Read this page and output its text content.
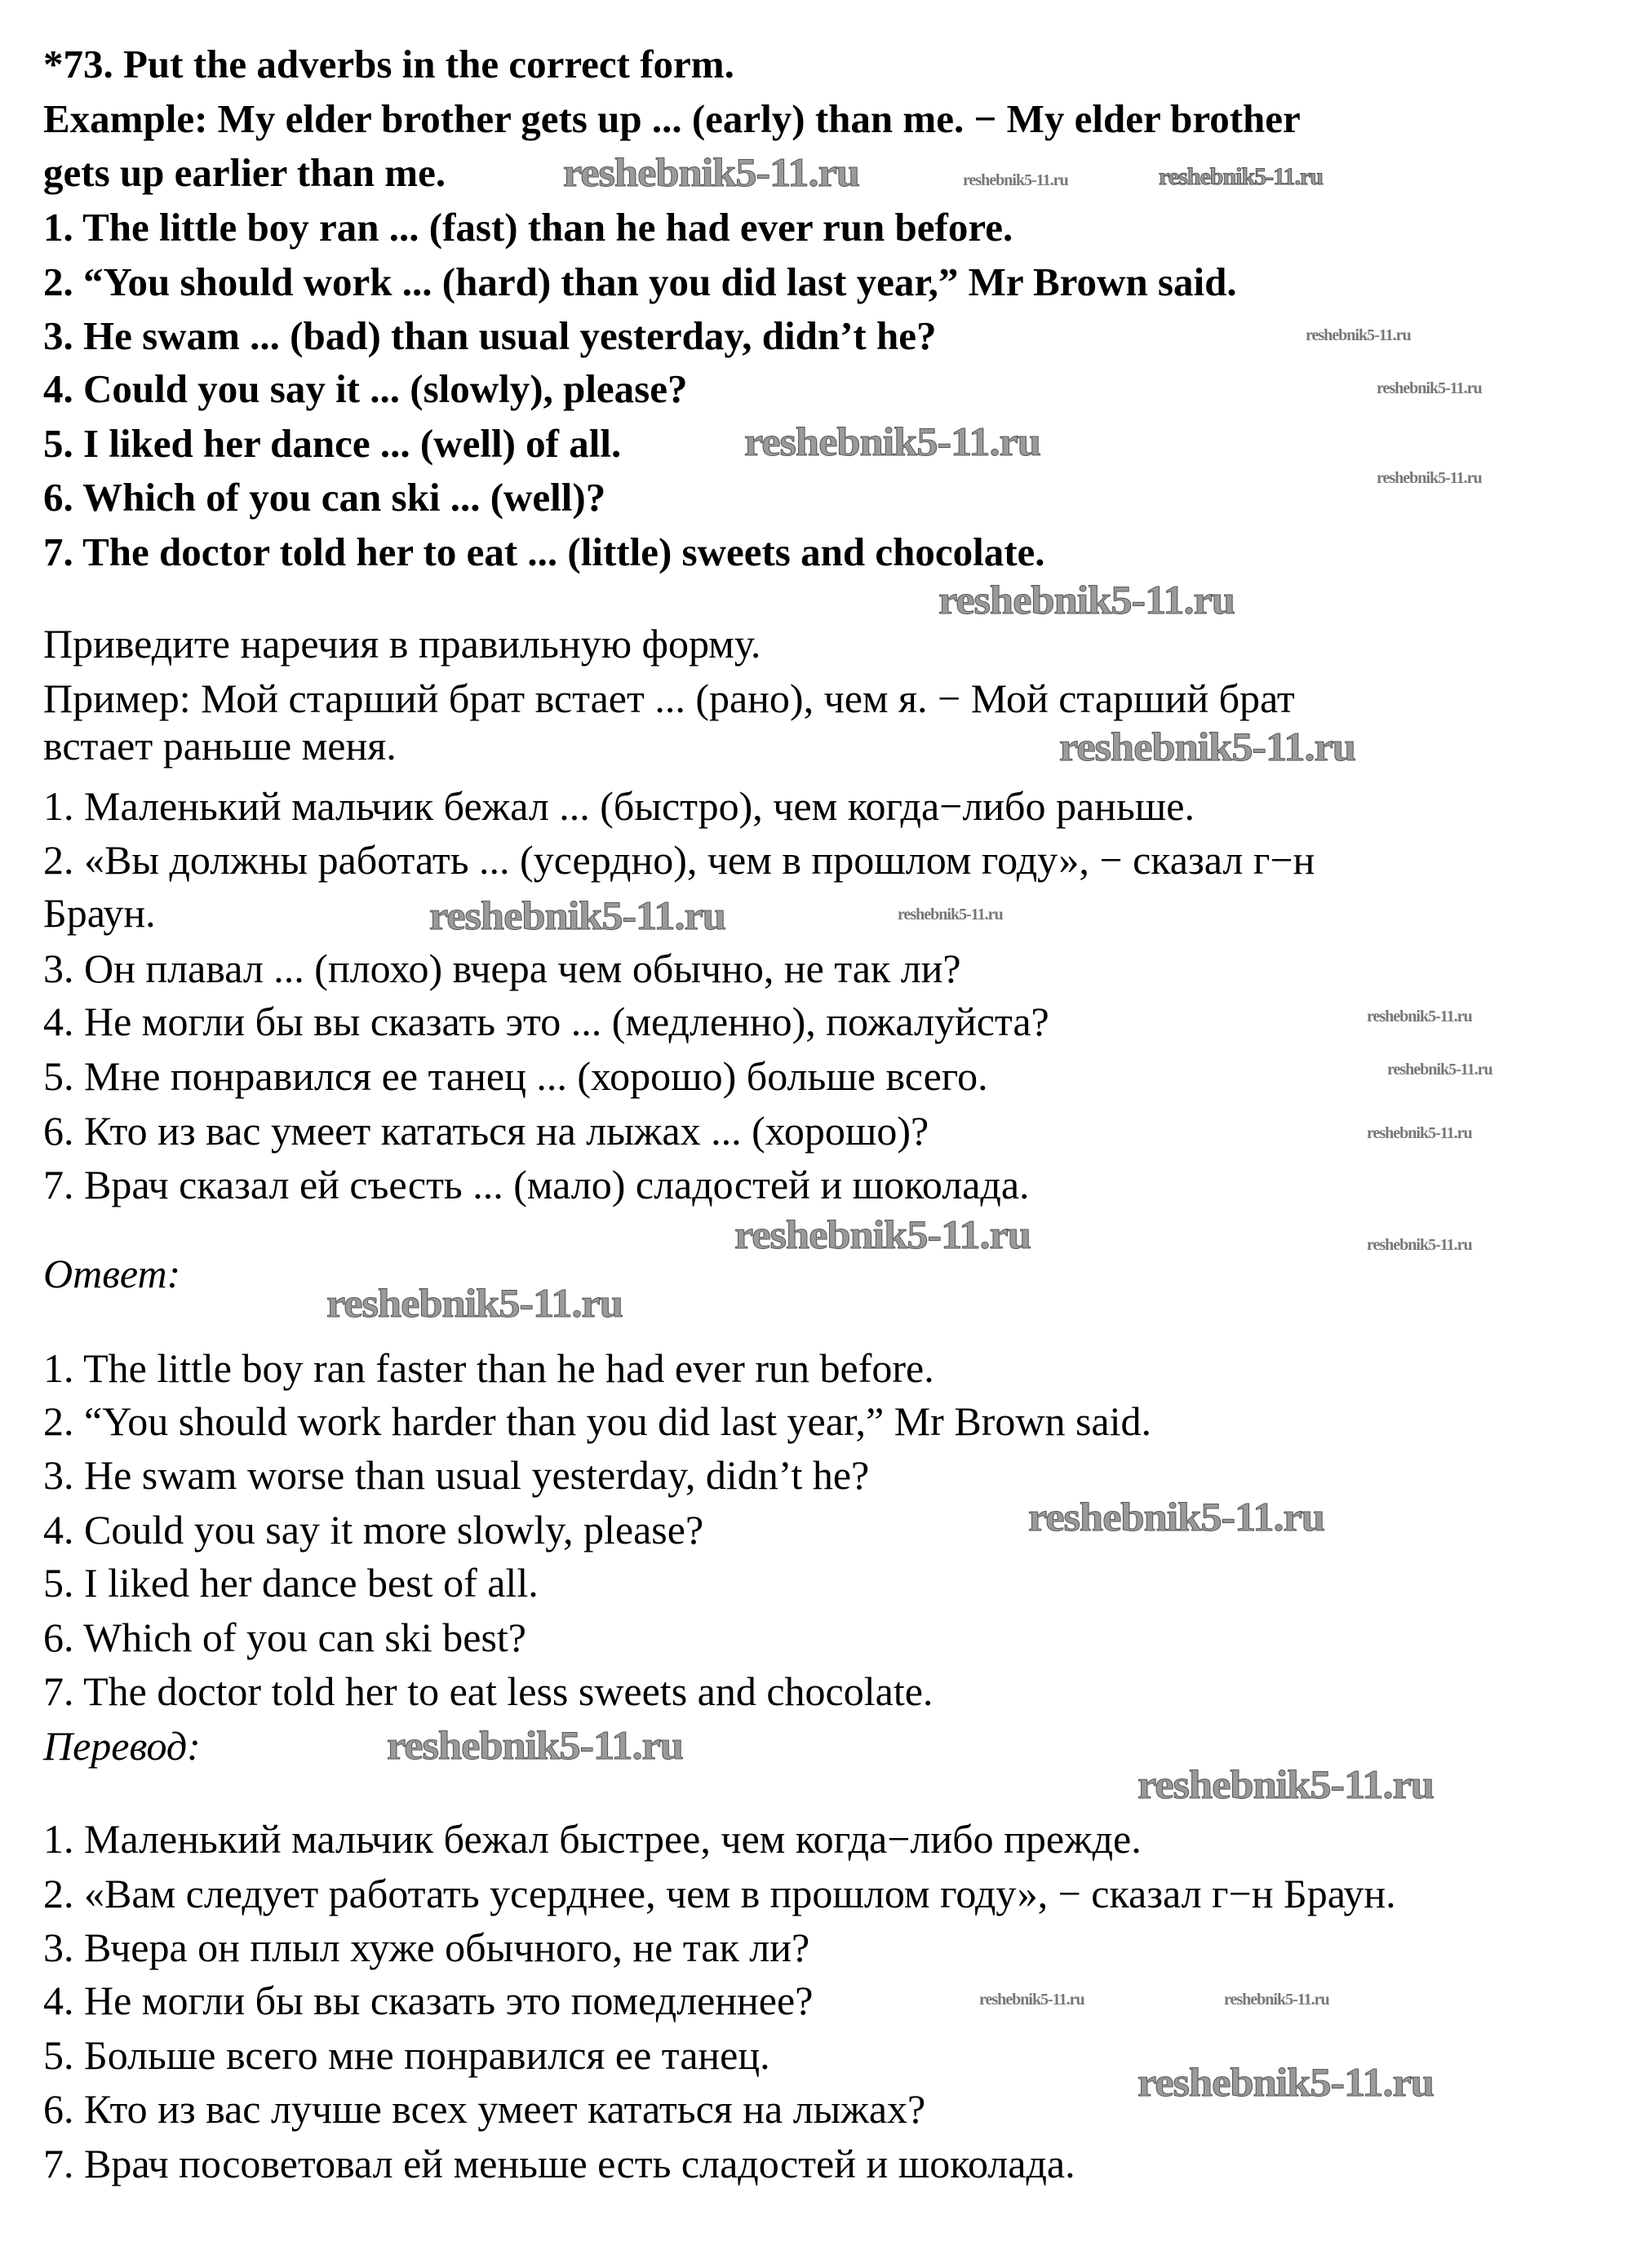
*73. Put the adverbs in the correct form.
Example: My elder brother gets up ... (early) than me. − My elder brother
gets up earlier than me.
1. The little boy ran ... (fast) than he had ever run before.
2. “You should work ... (hard) than you did last year,” Mr Brown said.
3. He swam ... (bad) than usual yesterday, didn’t he?
4. Could you say it ... (slowly), please?
5. I liked her dance ... (well) of all.
6. Which of you can ski ... (well)?
7. The doctor told her to eat ... (little) sweets and chocolate.
Приведите наречия в правильную форму.
Пример: Мой старший брат встает ... (рано), чем я. − Мой старший брат
встает раньше меня.
1. Маленький мальчик бежал ... (быстро), чем когда−либо раньше.
2. «Вы должны работать ... (усердно), чем в прошлом году», − сказал г−н
Браун.
3. Он плавал ... (плохо) вчера чем обычно, не так ли?
4. Не могли бы вы сказать это ... (медленно), пожалуйста?
5. Мне понравился ее танец ... (хорошо) больше всего.
6. Кто из вас умеет кататься на лыжах ... (хорошо)?
7. Врач сказал ей съесть ... (мало) сладостей и шоколада.
Ответ:
1. The little boy ran faster than he had ever run before.
2. “You should work harder than you did last year,” Mr Brown said.
3. He swam worse than usual yesterday, didn’t he?
4. Could you say it more slowly, please?
5. I liked her dance best of all.
6. Which of you can ski best?
7. The doctor told her to eat less sweets and chocolate.
Перевод:
1. Маленький мальчик бежал быстрее, чем когда−либо прежде.
2. «Вам следует работать усерднее, чем в прошлом году», − сказал г−н Браун.
3. Вчера он плыл хуже обычного, не так ли?
4. Не могли бы вы сказать это помедленнее?
5. Больше всего мне понравился ее танец.
6. Кто из вас лучше всех умеет кататься на лыжах?
7. Врач посоветовал ей меньше есть сладостей и шоколада.
reshebnik5-11.ru
reshebnik5-11.ru
reshebnik5-11.ru
reshebnik5-11.ru
reshebnik5-11.ru
reshebnik5-11.ru
reshebnik5-11.ru
reshebnik5-11.ru
reshebnik5-11.ru
reshebnik5-11.ru
reshebnik5-11.ru
reshebnik5-11.ru
reshebnik5-11.ru
reshebnik5-11.ru
reshebnik5-11.ru
reshebnik5-11.ru
reshebnik5-11.ru
reshebnik5-11.ru
reshebnik5-11.ru
reshebnik5-11.ru
reshebnik5-11.ru
reshebnik5-11.ru	reshebnik5-11.ru
